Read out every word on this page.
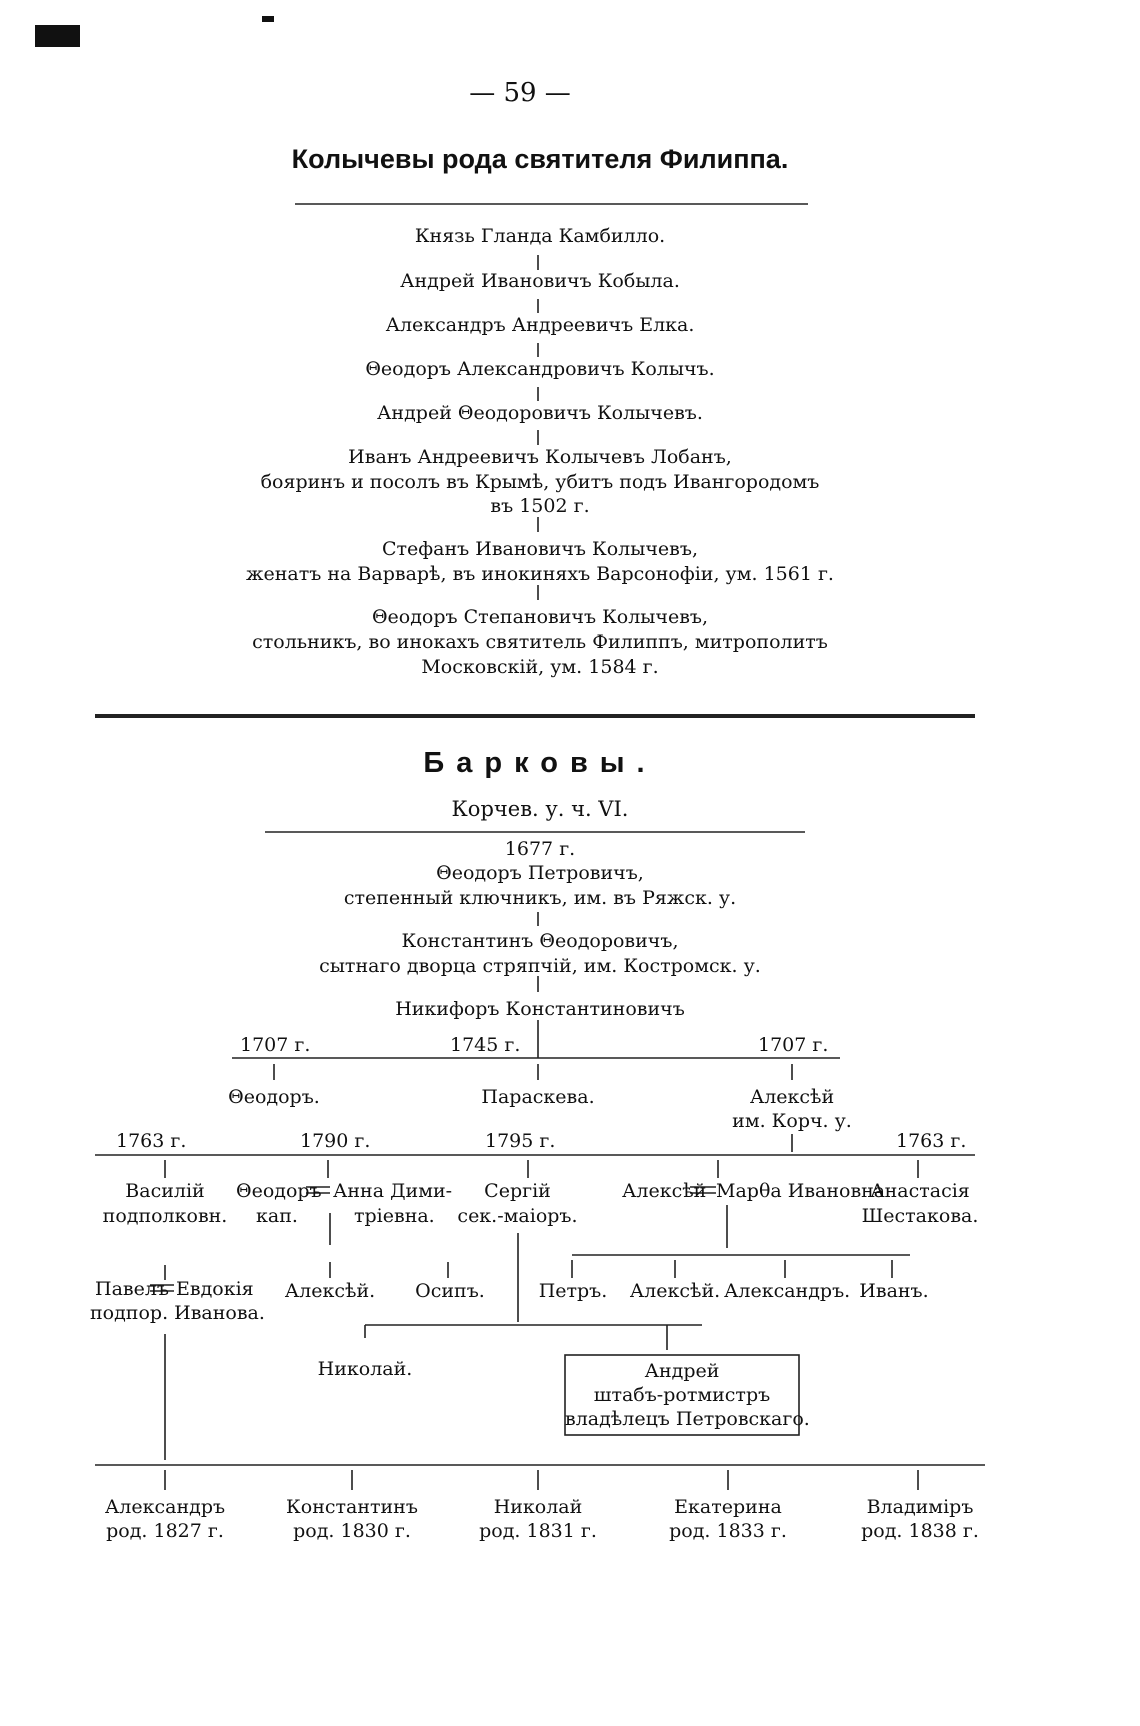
— 59 —
Колычевы рода святителя Филиппа.
Князь Гланда Камбилло.
Андрей Ивановичъ Кобыла.
Александръ Андреевичъ Елка.
Θеодоръ Александровичъ Колычъ.
Андрей Θеодоровичъ Колычевъ.
Иванъ Андреевичъ Колычевъ Лобанъ,
бояринъ и посолъ въ Крымѣ, убитъ подъ Ивангородомъ
въ 1502 г.
Стефанъ Ивановичъ Колычевъ,
женатъ на Варварѣ, въ инокиняхъ Варсонофіи, ум. 1561 г.
Θеодоръ Степановичъ Колычевъ,
стольникъ, во инокахъ святитель Филиппъ, митрополитъ
Московскій, ум. 1584 г.
Барковы.
Корчев. у. ч. VI.
1677 г.
Θеодоръ Петровичъ,
степенный ключникъ, им. въ Ряжск. у.
Константинъ Θеодоровичъ,
сытнаго дворца стряпчій, им. Костромск. у.
Никифоръ Константиновичъ
1707 г.	1745 г.	1707 г.
Θеодоръ.	Параскева.	Алексѣй
им. Корч. у.
1763 г.	1790 г.	1795 г.	1763 г.
Василій
подполковн.
Θеодоръ
кап.
Анна Дими-
тріевна.
Сергій
сек.-маіоръ.
Алексѣй Марθа Ивановна
Анастасія
Шестакова.
Павелъ Евдокія
подпор. Иванова.
Алексѣй.	Осипъ.	Петръ.	Алексѣй. Александръ. Иванъ.
Николай.	Андрей
штабъ-ротмистръ
владѣлецъ Петровскаго.
Александръ
род. 1827 г.
Константинъ
род. 1830 г.
Николай
род. 1831 г.
Екатерина
род. 1833 г.
Владиміръ
род. 1838 г.
